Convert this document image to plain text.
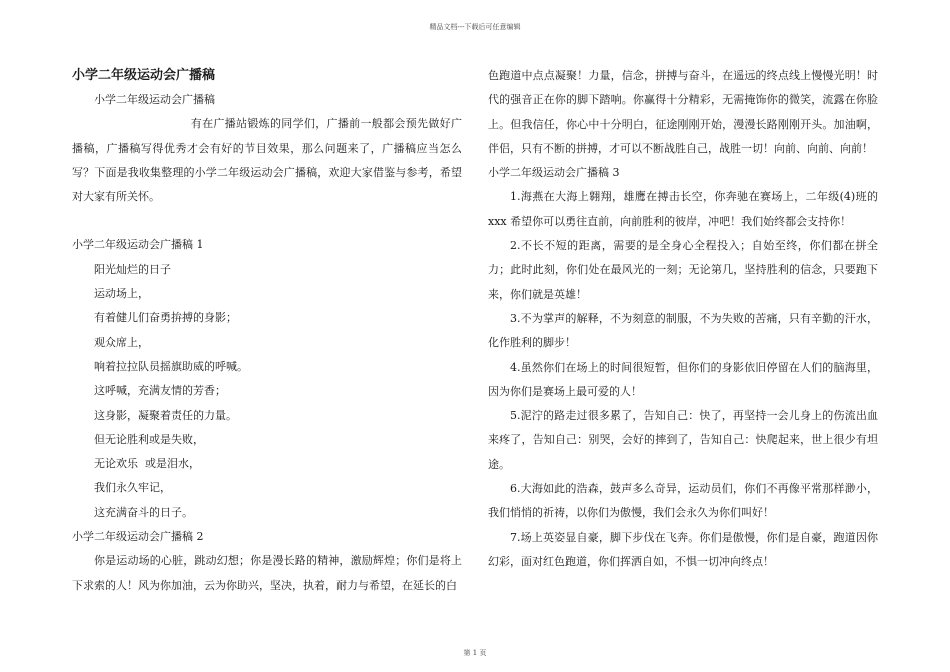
精品文档---下载后可任意编辑
小学二年级运动会广播稿

小学二年级运动会广播稿

有在广播站锻炼的同学们，广播前一般都会预先做好广播稿，广播稿写得优秀才会有好的节目效果，那么问题来了，广播稿应当怎么写？下面是我收集整理的小学二年级运动会广播稿，欢迎大家借鉴与参考，希望对大家有所关怀。

小学二年级运动会广播稿 1

阳光灿烂的日子

运动场上，

有着健儿们奋勇拚搏的身影；

观众席上，

响着拉拉队员摇旗助威的呼喊。

这呼喊，充满友情的芳香；

这身影，凝聚着责任的力量。

但无论胜利或是失败，

无论欢乐  或是泪水，

我们永久牢记，

这充满奋斗的日子。

小学二年级运动会广播稿 2

你是运动场的心脏，跳动幻想；你是漫长路的精神，激励辉煌；你们是将上下求索的人！风为你加油，云为你助兴，坚决，执着，耐力与希望，在延长的白

色跑道中点点凝聚！力量，信念，拼搏与奋斗，在遥远的终点线上慢慢光明！时代的强音正在你的脚下踏响。你赢得十分精彩，无需掩饰你的微笑，流露在你脸上。但我信任，你心中十分明白，征途刚刚开始，漫漫长路刚刚开头。加油啊，伴侣，只有不断的拼搏，才可以不断战胜自己，战胜一切！向前、向前、向前！

小学二年级运动会广播稿 3

1.海燕在大海上翱翔，雄鹰在搏击长空，你奔驰在赛场上，二年级(4)班的 xxx 希望你可以勇往直前，向前胜利的彼岸，冲吧！我们始终都会支持你！

2.不长不短的距离，需要的是全身心全程投入；自始至终，你们都在拼全力；此时此刻，你们处在最风光的一刻；无论第几，坚持胜利的信念，只要跑下来，你们就是英雄！

3.不为掌声的解释，不为刻意的制服，不为失败的苦痛，只有辛勤的汗水，化作胜利的脚步！

4.虽然你们在场上的时间很短暂，但你们的身影依旧停留在人们的脑海里，因为你们是赛场上最可爱的人！

5.泥泞的路走过很多累了，告知自己：快了，再坚持一会儿身上的伤流出血来疼了，告知自己：别哭，会好的摔到了，告知自己：快爬起来，世上很少有坦途。

6.大海如此的浩森，鼓声多么奇异，运动员们，你们不再像平常那样渺小，我们悄悄的祈祷，以你们为傲慢，我们会永久为你们叫好！

7.场上英姿显自豪，脚下步伐在飞奔。你们是傲慢，你们是自豪，跑道因你幻彩，面对红色跑道，你们挥洒自如，不惧一切冲向终点！

第 1 页
